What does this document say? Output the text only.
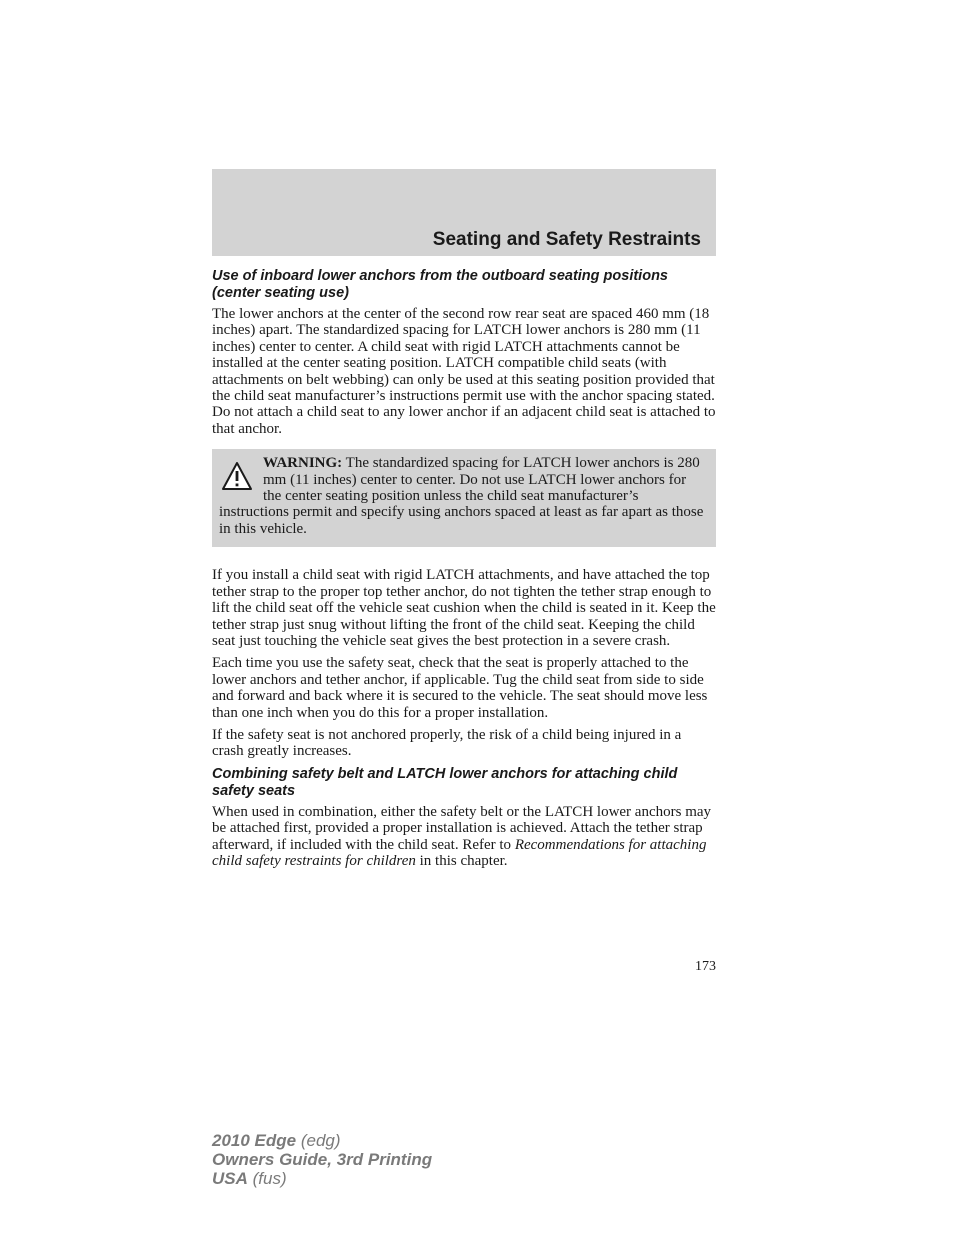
Seating and Safety Restraints
Use of inboard lower anchors from the outboard seating positions (center seating use)

The lower anchors at the center of the second row rear seat are spaced 460 mm (18 inches) apart. The standardized spacing for LATCH lower anchors is 280 mm (11 inches) center to center. A child seat with rigid LATCH attachments cannot be installed at the center seating position. LATCH compatible child seats (with attachments on belt webbing) can only be used at this seating position provided that the child seat manufacturer’s instructions permit use with the anchor spacing stated. Do not attach a child seat to any lower anchor if an adjacent child seat is attached to that anchor.

WARNING: The standardized spacing for LATCH lower anchors is 280 mm (11 inches) center to center. Do not use LATCH lower anchors for the center seating position unless the child seat manufacturer’s instructions permit and specify using anchors spaced at least as far apart as those in this vehicle.

If you install a child seat with rigid LATCH attachments, and have attached the top tether strap to the proper top tether anchor, do not tighten the tether strap enough to lift the child seat off the vehicle seat cushion when the child is seated in it. Keep the tether strap just snug without lifting the front of the child seat. Keeping the child seat just touching the vehicle seat gives the best protection in a severe crash.

Each time you use the safety seat, check that the seat is properly attached to the lower anchors and tether anchor, if applicable. Tug the child seat from side to side and forward and back where it is secured to the vehicle. The seat should move less than one inch when you do this for a proper installation.

If the safety seat is not anchored properly, the risk of a child being injured in a crash greatly increases.

Combining safety belt and LATCH lower anchors for attaching child safety seats

When used in combination, either the safety belt or the LATCH lower anchors may be attached first, provided a proper installation is achieved. Attach the tether strap afterward, if included with the child seat. Refer to Recommendations for attaching child safety restraints for children in this chapter.

173
2010 Edge (edg)
Owners Guide, 3rd Printing
USA (fus)
